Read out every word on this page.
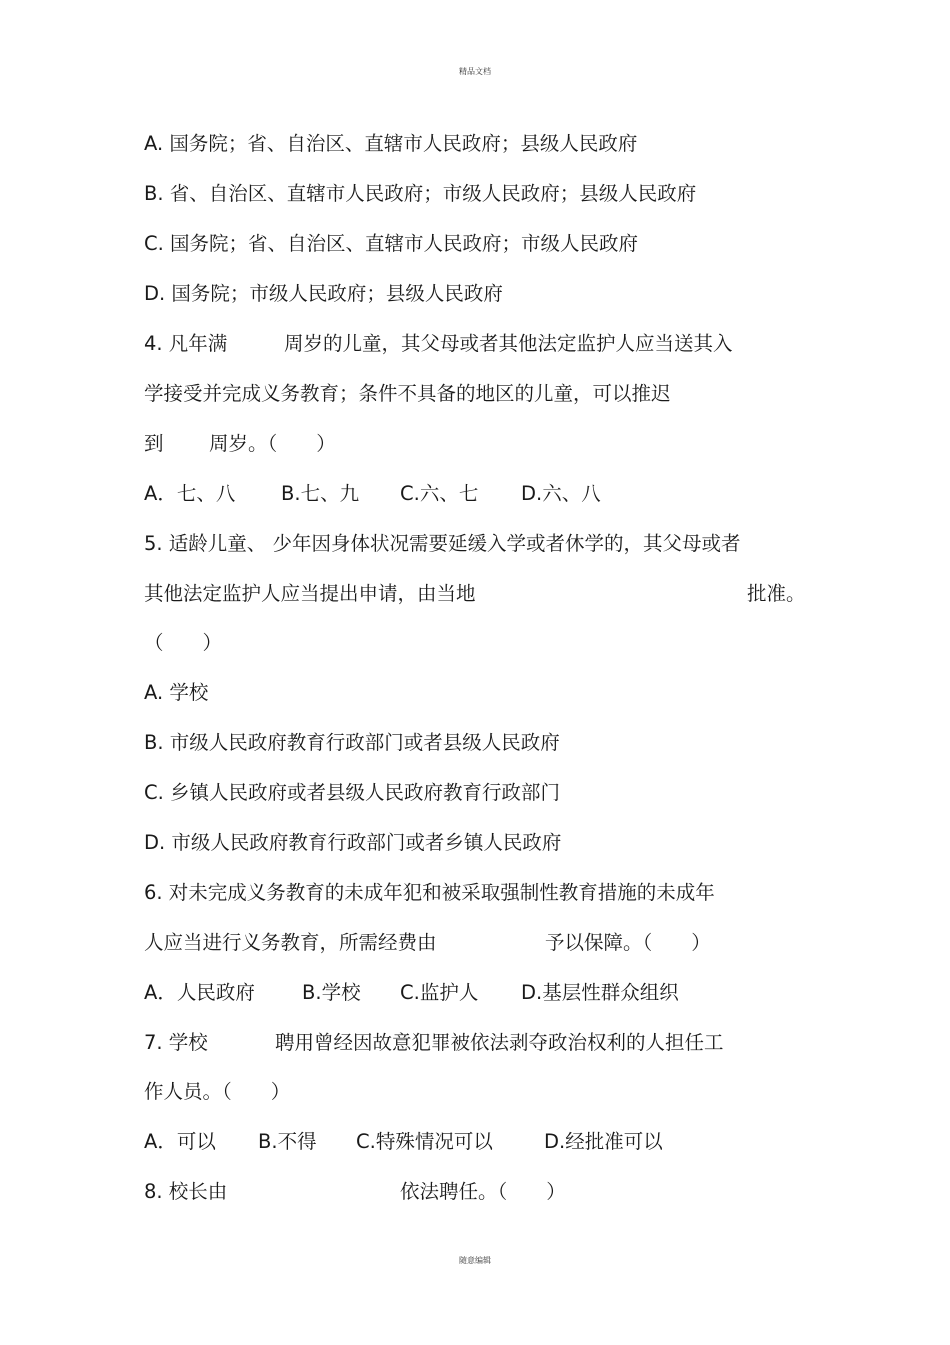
精品文档
A. 国务院；省、自治区、直辖市人民政府；县级人民政府
B. 省、自治区、直辖市人民政府；市级人民政府；县级人民政府
C. 国务院；省、自治区、直辖市人民政府；市级人民政府
D. 国务院；市级人民政府；县级人民政府
4. 凡年满	周岁的儿童，其父母或者其他法定监护人应当送其入
学接受并完成义务教育；条件不具备的地区的儿童，可以推迟
到 周岁。（　　）
A．七、八 B.七、九 C.六、七 D.六、八
5. 适龄儿童、 少年因身体状况需要延缓入学或者休学的，其父母或者
其他法定监护人应当提出申请，由当地	批准。
（　　）
A. 学校
B. 市级人民政府教育行政部门或者县级人民政府
C. 乡镇人民政府或者县级人民政府教育行政部门
D. 市级人民政府教育行政部门或者乡镇人民政府
6. 对未完成义务教育的未成年犯和被采取强制性教育措施的未成年
人应当进行义务教育，所需经费由	予以保障。（　　）
A．人民政府 B.学校 C.监护人 D.基层性群众组织
7. 学校	聘用曾经因故意犯罪被依法剥夺政治权利的人担任工
作人员。（　　）
A．可以 B.不得 C.特殊情况可以	D.经批准可以
8. 校长由	依法聘任。（　　）
随意编辑
